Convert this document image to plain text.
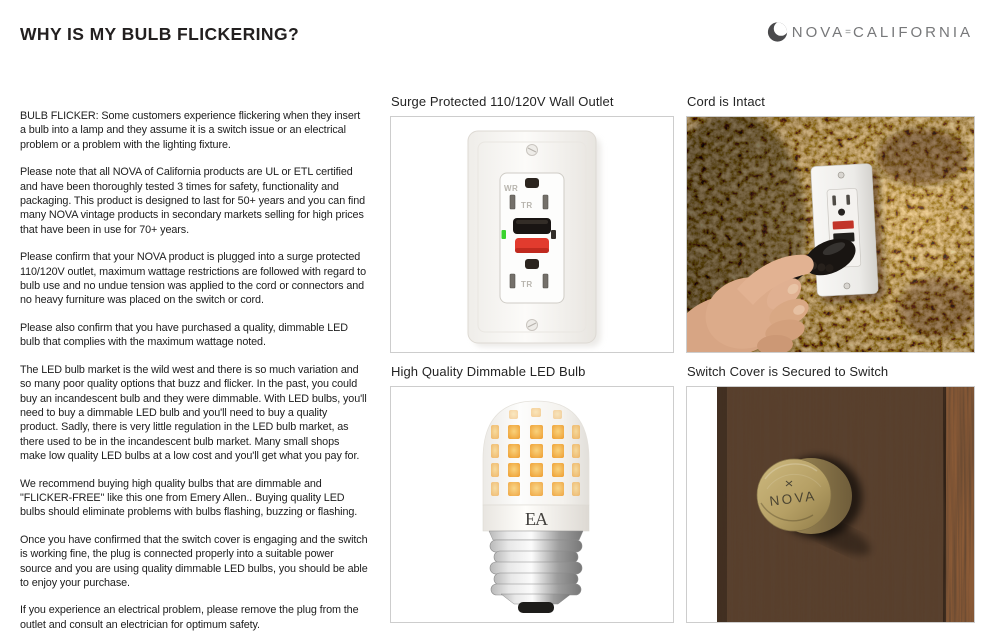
WHY IS MY BULB FLICKERING?	NOVA = CALIFORNIA

BULB FLICKER: Some customers experience flickering when they insert a bulb into a lamp and they assume it is a switch issue or an electrical problem or a problem with the lighting fixture.

Please note that all NOVA of California products are UL or ETL certified and have been thoroughly tested 3 times for safety, functionality and packaging. This product is designed to last for 50+ years and you can find many NOVA vintage products in secondary markets selling for high prices that have been in use for 70+ years.

Please confirm that your NOVA product is plugged into a surge protected 110/120V outlet, maximum wattage restrictions are followed with regard to bulb use and no undue tension was applied to the cord or connectors and no heavy furniture was placed on the switch or cord.

Please also confirm that you have purchased a quality, dimmable LED bulb that complies with the maximum wattage noted.

The LED bulb market is the wild west and there is so much variation and so many poor quality options that buzz and flicker. In the past, you could buy an incandescent bulb and they were dimmable. With LED bulbs, you'll need to buy a dimmable LED bulb and you'll need to buy a quality product. Sadly, there is very little regulation in the LED bulb market, as there used to be in the incandescent bulb market. Many small shops make low quality LED bulbs at a low cost and you'll get what you pay for.

We recommend buying high quality bulbs that are dimmable and "FLICKER-FREE" like this one from Emery Allen.. Buying quality LED bulbs should eliminate problems with bulbs flashing, buzzing or flashing.

Once you have confirmed that the switch cover is engaging and the switch is working fine, the plug is connected properly into a suitable power source and you are using quality dimmable LED bulbs, you should be able to enjoy your purchase.

If you experience an electrical problem, please remove the plug from the outlet and consult an electrician for optimum safety.

Surge Protected 110/120V Wall Outlet
WR
TR
TR
Cord is Intact
High Quality Dimmable LED Bulb
EA
Switch Cover is Secured to Switch
NOVA
